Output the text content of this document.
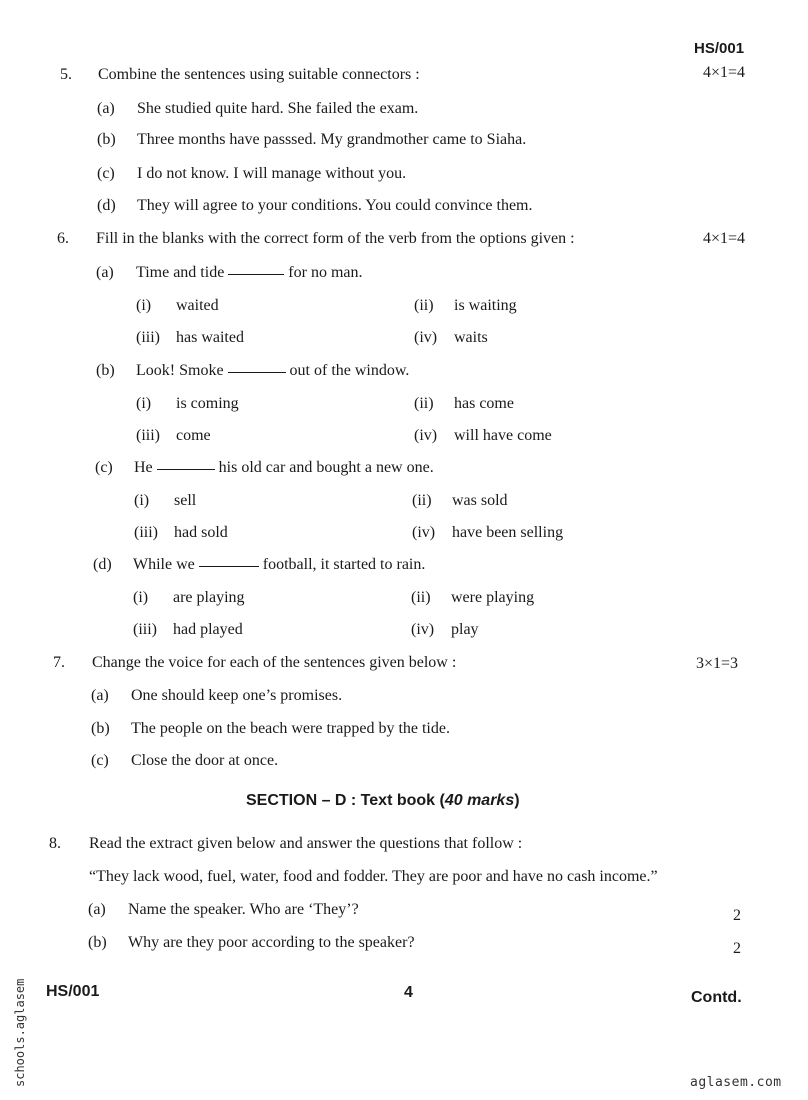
HS/001
5. Combine the sentences using suitable connectors :	4×1=4
(a) She studied quite hard. She failed the exam.
(b) Three months have passsed. My grandmother came to Siaha.
(c) I do not know. I will manage without you.
(d) They will agree to your conditions. You could convince them.
6. Fill in the blanks with the correct form of the verb from the options given :	4×1=4
(a) Time and tide	for no man.
(i) waited	(ii) is waiting
(iii) has waited	(iv) waits
(b) Look! Smoke	out of the window.
(i) is coming	(ii) has come
(iii) come	(iv) will have come
(c) He	his old car and bought a new one.
(i) sell	(ii) was sold
(iii) had sold	(iv) have been selling
(d) While we	football, it started to rain.
(i) are playing	(ii) were playing
(iii) had played	(iv) play
7. Change the voice for each of the sentences given below :	3×1=3
(a) One should keep one’s promises.
(b) The people on the beach were trapped by the tide.
(c) Close the door at once.
SECTION – D : Text book (40 marks)
8. Read the extract given below and answer the questions that follow :
“They lack wood, fuel, water, food and fodder. They are poor and have no cash income.”
(a) Name the speaker. Who are ‘They’?	2
(b) Why are they poor according to the speaker?	2
HS/001	4	Contd.
schools.aglasem	aglasem.com
